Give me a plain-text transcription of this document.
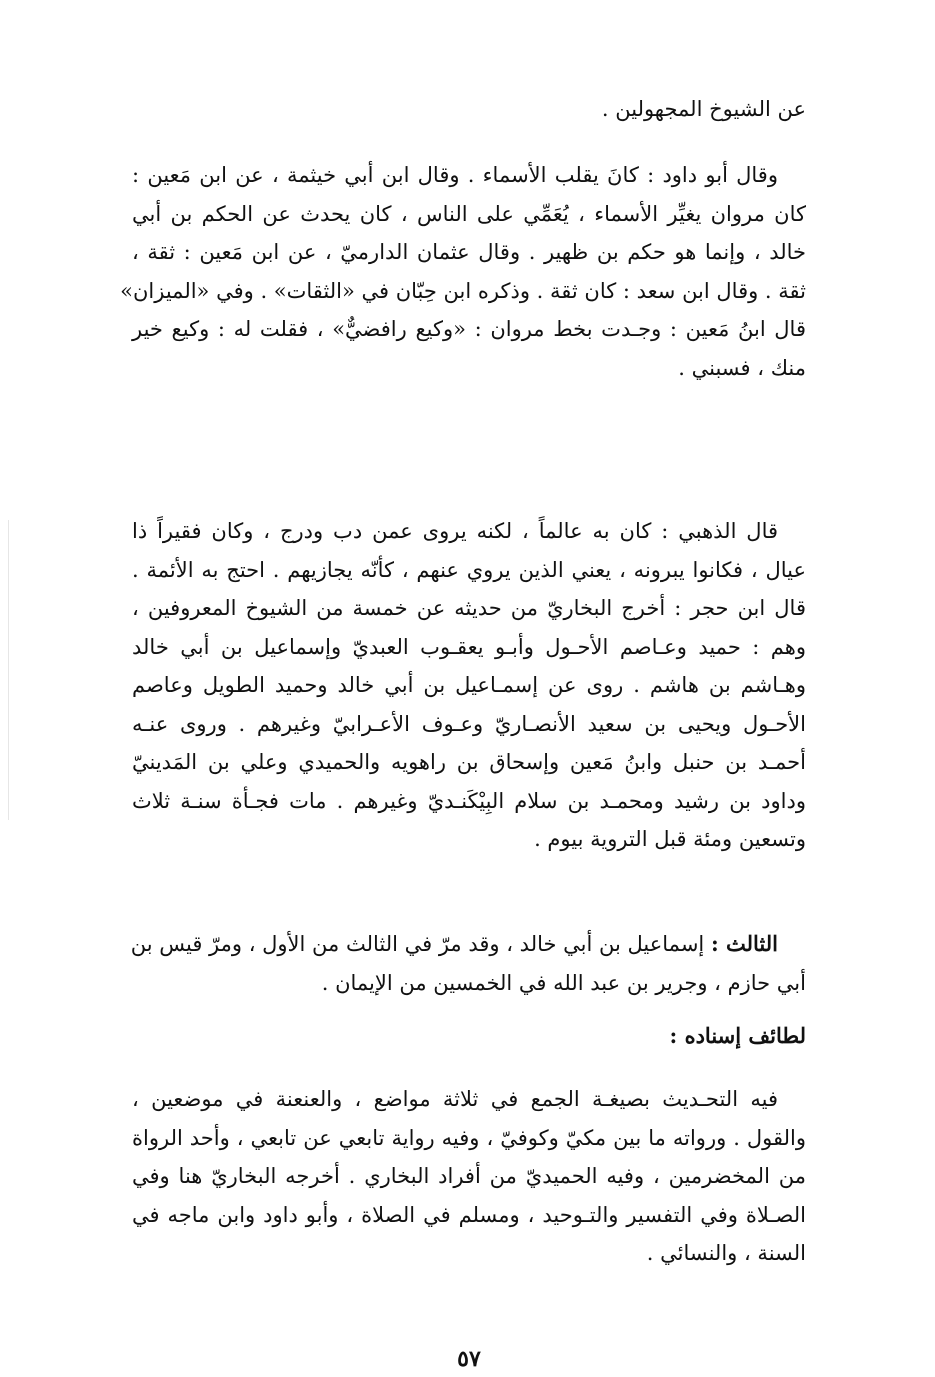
عن الشيوخ المجهولين .

وقال أبو داود : كانَ يقلب الأسماء . وقال ابن أبي خيثمة ، عن ابن مَعين :
كان مروان يغيِّر الأسماء ، يُعَمِّي على الناس ، كان يحدث عن الحكم بن أبي
خالد ، وإنما هو حكم بن ظهير . وقال عثمان الدارميّ ، عن ابن مَعين : ثقة ،
ثقة . وقال ابن سعد : كان ثقة . وذكره ابن حِبّان في «الثقات» . وفي «الميزان»
قال ابنُ مَعين : وجـدت بخط مروان : «وكيع رافضيٌّ» ، فقلت له : وكيع خير
منك ، فسبني .

قال الذهبي : كان به عالماً ، لكنه يروى عمن دب ودرج ، وكان فقيراً ذا
عيال ، فكانوا يبرونه ، يعني الذين يروي عنهم ، كأنّه يجازيهم . احتج به الأئمة .
قال ابن حجر : أخرج البخاريّ من حديثه عن خمسة من الشيوخ المعروفين ،
وهم : حميد وعـاصم الأحـول وأبـو يعقـوب العبديّ وإسماعيل بن أبي خالد
وهـاشم بن هاشم . روى عن إسمـاعيل بن أبي خالد وحميد الطويل وعاصم
الأحـول ويحيى بن سعيد الأنصـاريّ وعـوف الأعـرابيّ وغيرهم . وروى عنـه
أحمـد بن حنبل وابنُ مَعين وإسحاق بن راهويه والحميدي وعلي بن المَدينيّ
وداود بن رشيد ومحمـد بن سلام البِيْكَنـديّ وغيرهم . مات فجـأة سنـة ثلاث
وتسعين ومئة قبل التروية بيوم .

الثالث : إسماعيل بن أبي خالد ، وقد مرّ في الثالث من الأول ، ومرّ قيس بن
أبي حازم ، وجرير بن عبد الله في الخمسين من الإيمان .

لطائف إسناده :

فيه التحـديث بصيغـة الجمع في ثلاثة مواضع ، والعنعنة في موضعين ،
والقول . ورواته ما بين مكيّ وكوفيّ ، وفيه رواية تابعي عن تابعي ، وأحد الرواة
من المخضرمين ، وفيه الحميديّ من أفراد البخاري . أخرجه البخاريّ هنا وفي
الصـلاة وفي التفسير والتـوحيد ، ومسلم في الصلاة ، وأبو داود وابن ماجه في
السنة ، والنسائي .

٥٧
